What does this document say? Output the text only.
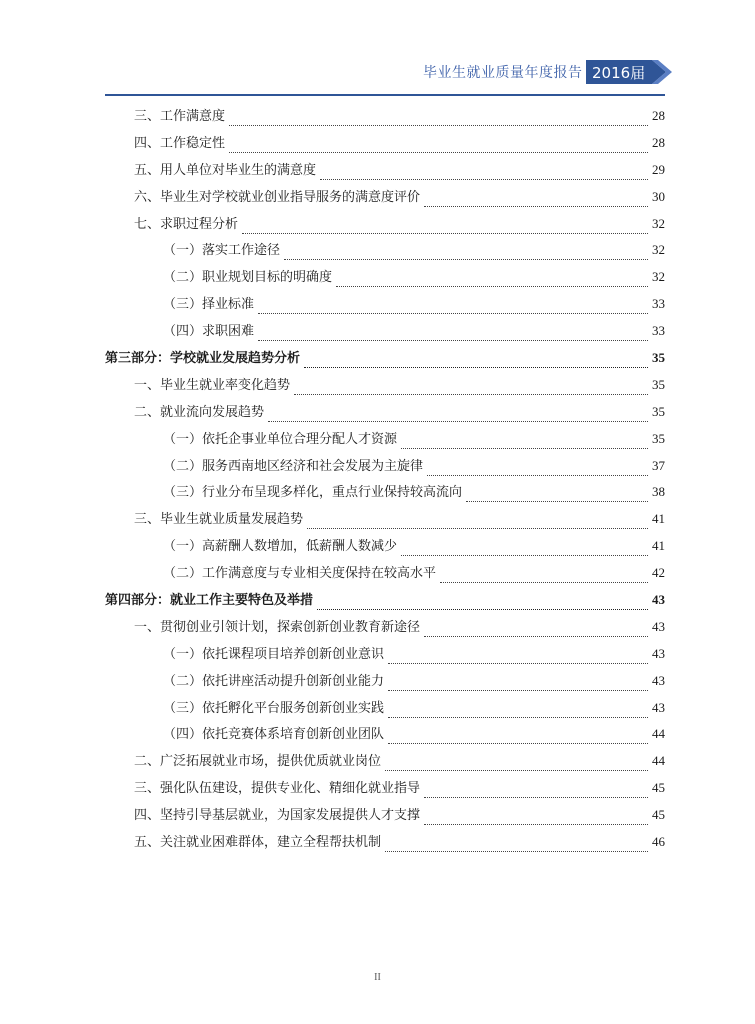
毕业生就业质量年度报告 2016届
三、工作满意度	28
四、工作稳定性	28
五、用人单位对毕业生的满意度	29
六、毕业生对学校就业创业指导服务的满意度评价	30
七、求职过程分析	32
（一）落实工作途径	32
（二）职业规划目标的明确度	32
（三）择业标准	33
（四）求职困难	33
第三部分：学校就业发展趋势分析	35
一、毕业生就业率变化趋势	35
二、就业流向发展趋势	35
（一）依托企事业单位合理分配人才资源	35
（二）服务西南地区经济和社会发展为主旋律	37
（三）行业分布呈现多样化，重点行业保持较高流向	38
三、毕业生就业质量发展趋势	41
（一）高薪酬人数增加，低薪酬人数减少	41
（二）工作满意度与专业相关度保持在较高水平	42
第四部分：就业工作主要特色及举措	43
一、贯彻创业引领计划，探索创新创业教育新途径	43
（一）依托课程项目培养创新创业意识	43
（二）依托讲座活动提升创新创业能力	43
（三）依托孵化平台服务创新创业实践	43
（四）依托竞赛体系培育创新创业团队	44
二、广泛拓展就业市场，提供优质就业岗位	44
三、强化队伍建设，提供专业化、精细化就业指导	45
四、坚持引导基层就业，为国家发展提供人才支撑	45
五、关注就业困难群体，建立全程帮扶机制	46
II
